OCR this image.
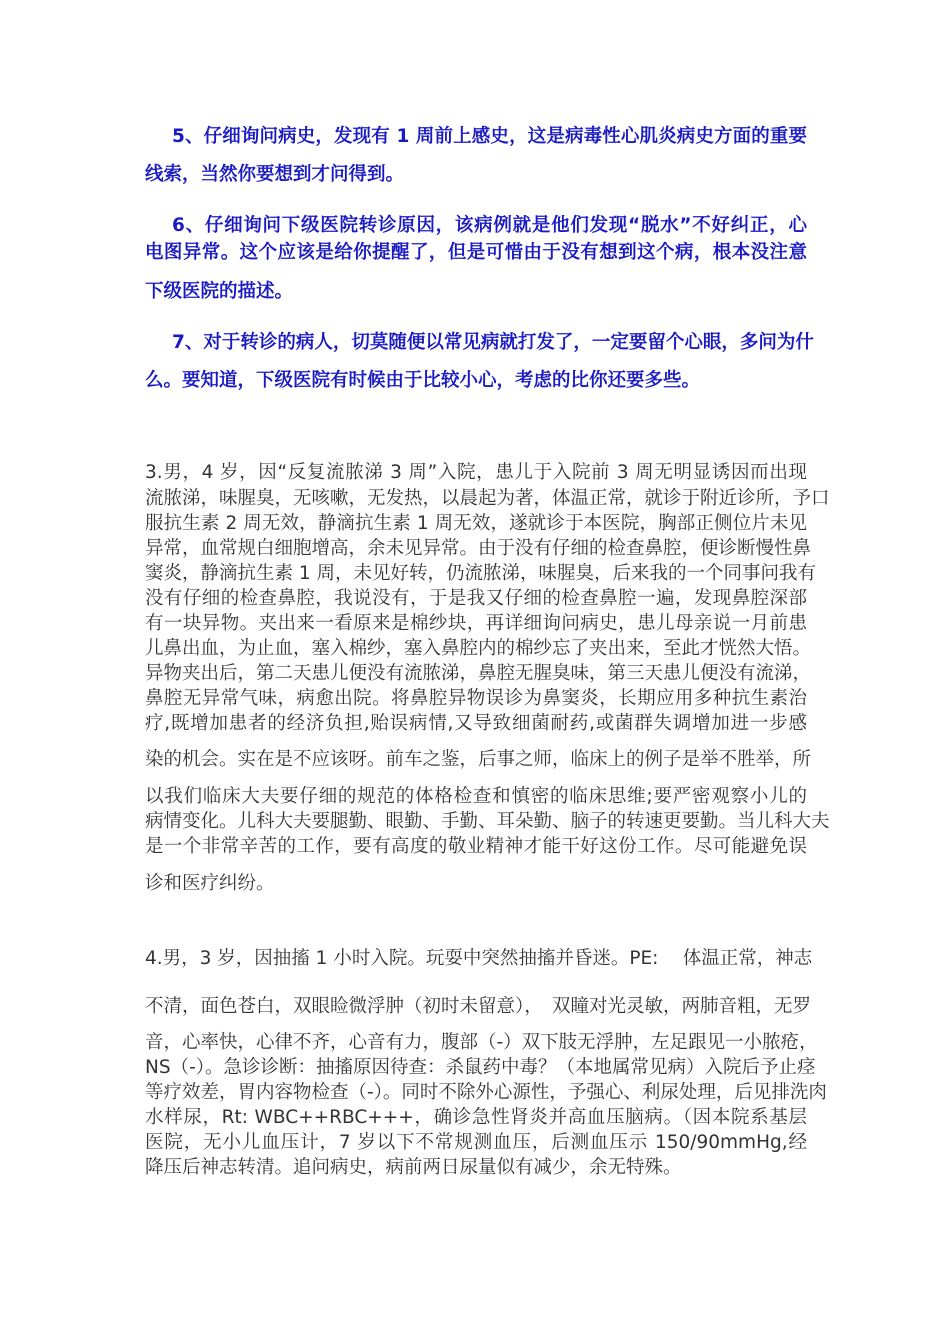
5、仔细询问病史，发现有 1 周前上感史，这是病毒性心肌炎病史方面的重要
线索，当然你要想到才问得到。
6、仔细询问下级医院转诊原因，该病例就是他们发现“脱水”不好纠正，心
电图异常。这个应该是给你提醒了，但是可惜由于没有想到这个病，根本没注意
下级医院的描述。
7、对于转诊的病人，切莫随便以常见病就打发了，一定要留个心眼，多问为什
么。要知道，下级医院有时候由于比较小心，考虑的比你还要多些。
3.男，4 岁，因“反复流脓涕 3 周”入院，患儿于入院前 3 周无明显诱因而出现
流脓涕，味腥臭，无咳嗽，无发热，以晨起为著，体温正常，就诊于附近诊所，予口
服抗生素 2 周无效，静滴抗生素 1 周无效，遂就诊于本医院，胸部正侧位片未见
异常，血常规白细胞增高，余未见异常。由于没有仔细的检查鼻腔，便诊断慢性鼻
窦炎，静滴抗生素 1 周，未见好转，仍流脓涕，味腥臭，后来我的一个同事问我有
没有仔细的检查鼻腔，我说没有，于是我又仔细的检查鼻腔一遍，发现鼻腔深部
有一块异物。夹出来一看原来是棉纱块，再详细询问病史，患儿母亲说一月前患
儿鼻出血，为止血，塞入棉纱，塞入鼻腔内的棉纱忘了夹出来，至此才恍然大悟。
异物夹出后，第二天患儿便没有流脓涕，鼻腔无腥臭味，第三天患儿便没有流涕，
鼻腔无异常气味，病愈出院。将鼻腔异物误诊为鼻窦炎，长期应用多种抗生素治
疗,既增加患者的经济负担,贻误病情,又导致细菌耐药,或菌群失调增加进一步感
染的机会。实在是不应该呀。前车之鉴，后事之师，临床上的例子是举不胜举，所
以我们临床大夫要仔细的规范的体格检查和慎密的临床思维;要严密观察小儿的
病情变化。儿科大夫要腿勤、眼勤、手勤、耳朵勤、脑子的转速更要勤。当儿科大夫
是一个非常辛苦的工作，要有高度的敬业精神才能干好这份工作。尽可能避免误
诊和医疗纠纷。
4.男，3 岁，因抽搐 1 小时入院。玩耍中突然抽搐并昏迷。PE:　 体温正常，神志
不清，面色苍白，双眼睑微浮肿（初时未留意），　双瞳对光灵敏，两肺音粗，无罗
音，心率快，心律不齐，心音有力，腹部（-）双下肢无浮肿，左足跟见一小脓疮，
NS（-）。急诊诊断：抽搐原因待查：杀鼠药中毒？（本地属常见病）入院后予止痉
等疗效差，胃内容物检查（-）。同时不除外心源性，予强心、利尿处理，后见排洗肉
水样尿，Rt: WBC++RBC+++，确诊急性肾炎并高血压脑病。（因本院系基层
医院，无小儿血压计，7 岁以下不常规测血压，后测血压示 150/90mmHg,经
降压后神志转清。追问病史，病前两日尿量似有减少，余无特殊。
